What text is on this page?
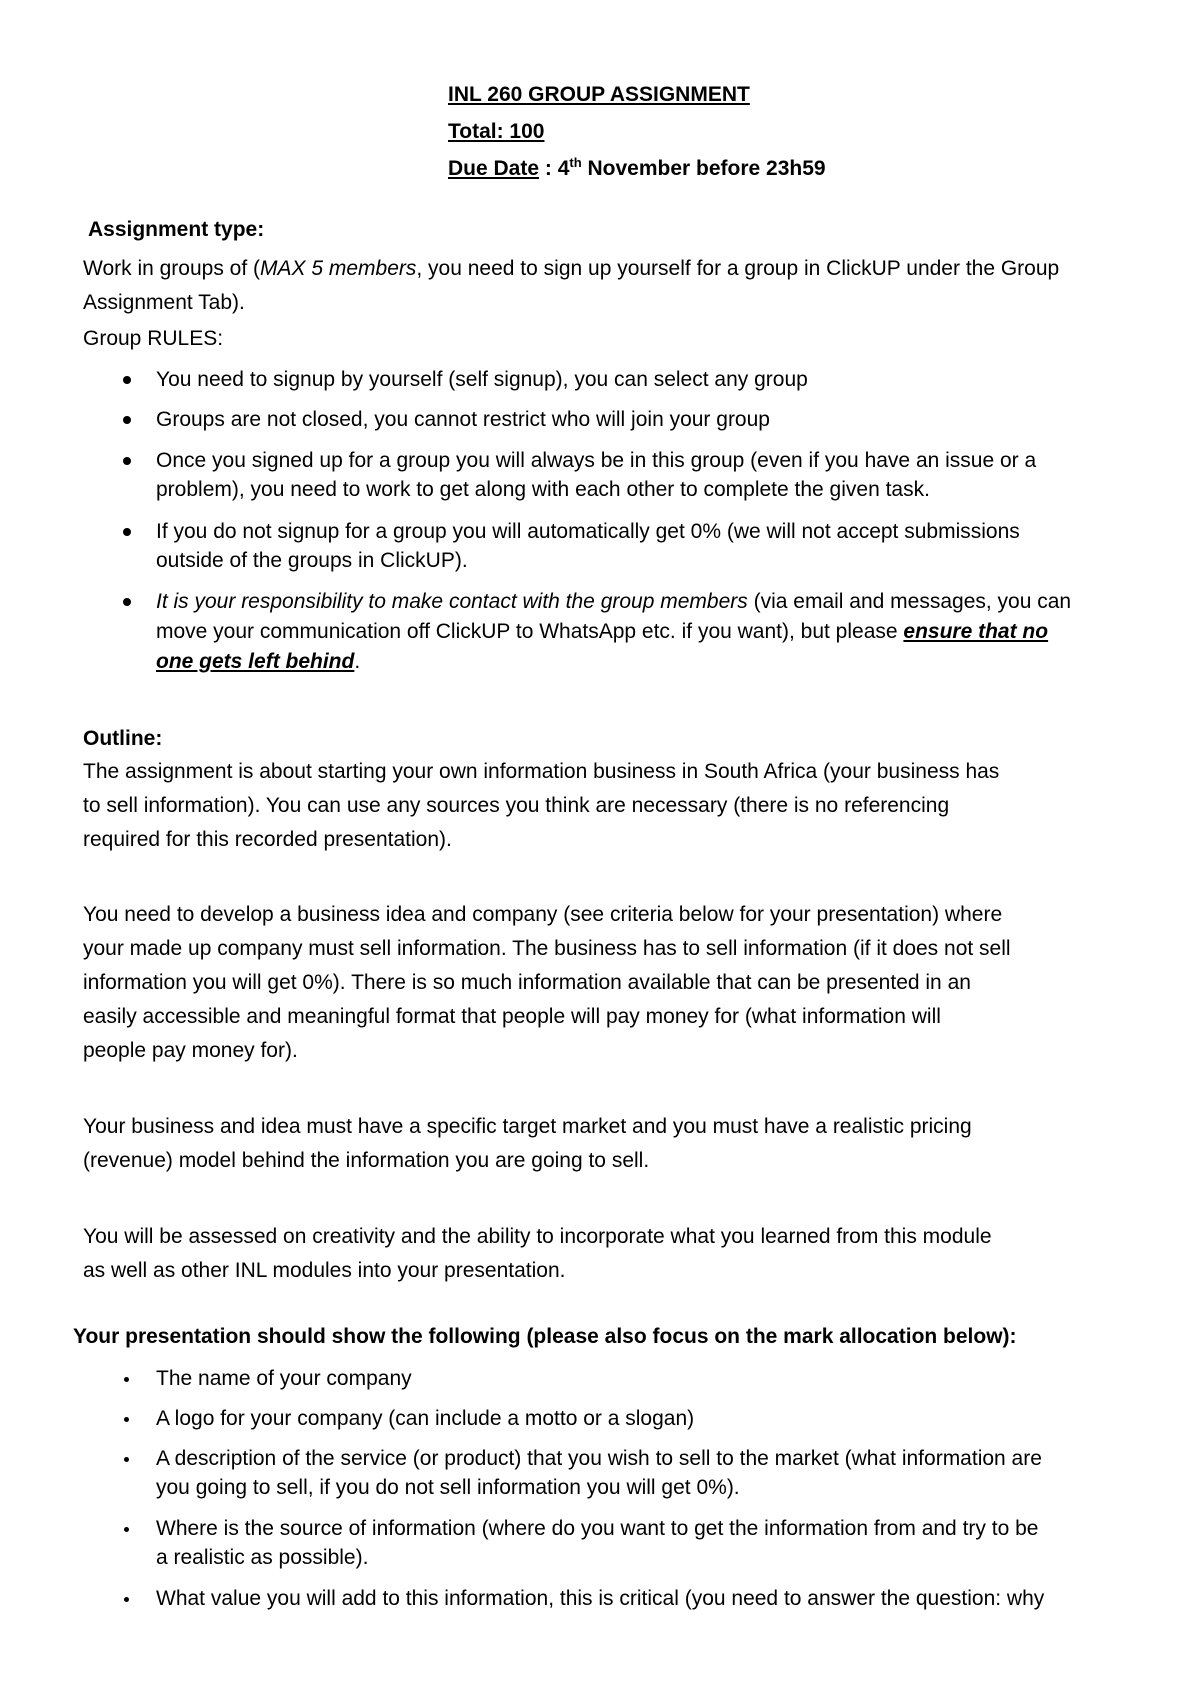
INL 260 GROUP ASSIGNMENT

Total: 100

Due Date : 4th November before 23h59

Assignment type:

Work in groups of (MAX 5 members, you need to sign up yourself for a group in ClickUP under the Group

Assignment Tab).

Group RULES:

You need to signup by yourself (self signup), you can select any group

Groups are not closed, you cannot restrict who will join your group

Once you signed up for a group you will always be in this group (even if you have an issue or a

problem), you need to work to get along with each other to complete the given task.

If you do not signup for a group you will automatically get 0% (we will not accept submissions

outside of the groups in ClickUP).

It is your responsibility to make contact with the group members (via email and messages, you can

move your communication off ClickUP to WhatsApp etc. if you want), but please ensure that no

one gets left behind.

Outline:

The assignment is about starting your own information business in South Africa (your business has

to sell information). You can use any sources you think are necessary (there is no referencing

required for this recorded presentation).

You need to develop a business idea and company (see criteria below for your presentation) where

your made up company must sell information. The business has to sell information (if it does not sell

information you will get 0%). There is so much information available that can be presented in an

easily accessible and meaningful format that people will pay money for (what information will

people pay money for).

Your business and idea must have a specific target market and you must have a realistic pricing

(revenue) model behind the information you are going to sell.

You will be assessed on creativity and the ability to incorporate what you learned from this module

as well as other INL modules into your presentation.

Your presentation should show the following (please also focus on the mark allocation below):

The name of your company

A logo for your company (can include a motto or a slogan)

A description of the service (or product) that you wish to sell to the market (what information are

you going to sell, if you do not sell information you will get 0%).

Where is the source of information (where do you want to get the information from and try to be

a realistic as possible).

What value you will add to this information, this is critical (you need to answer the question: why
